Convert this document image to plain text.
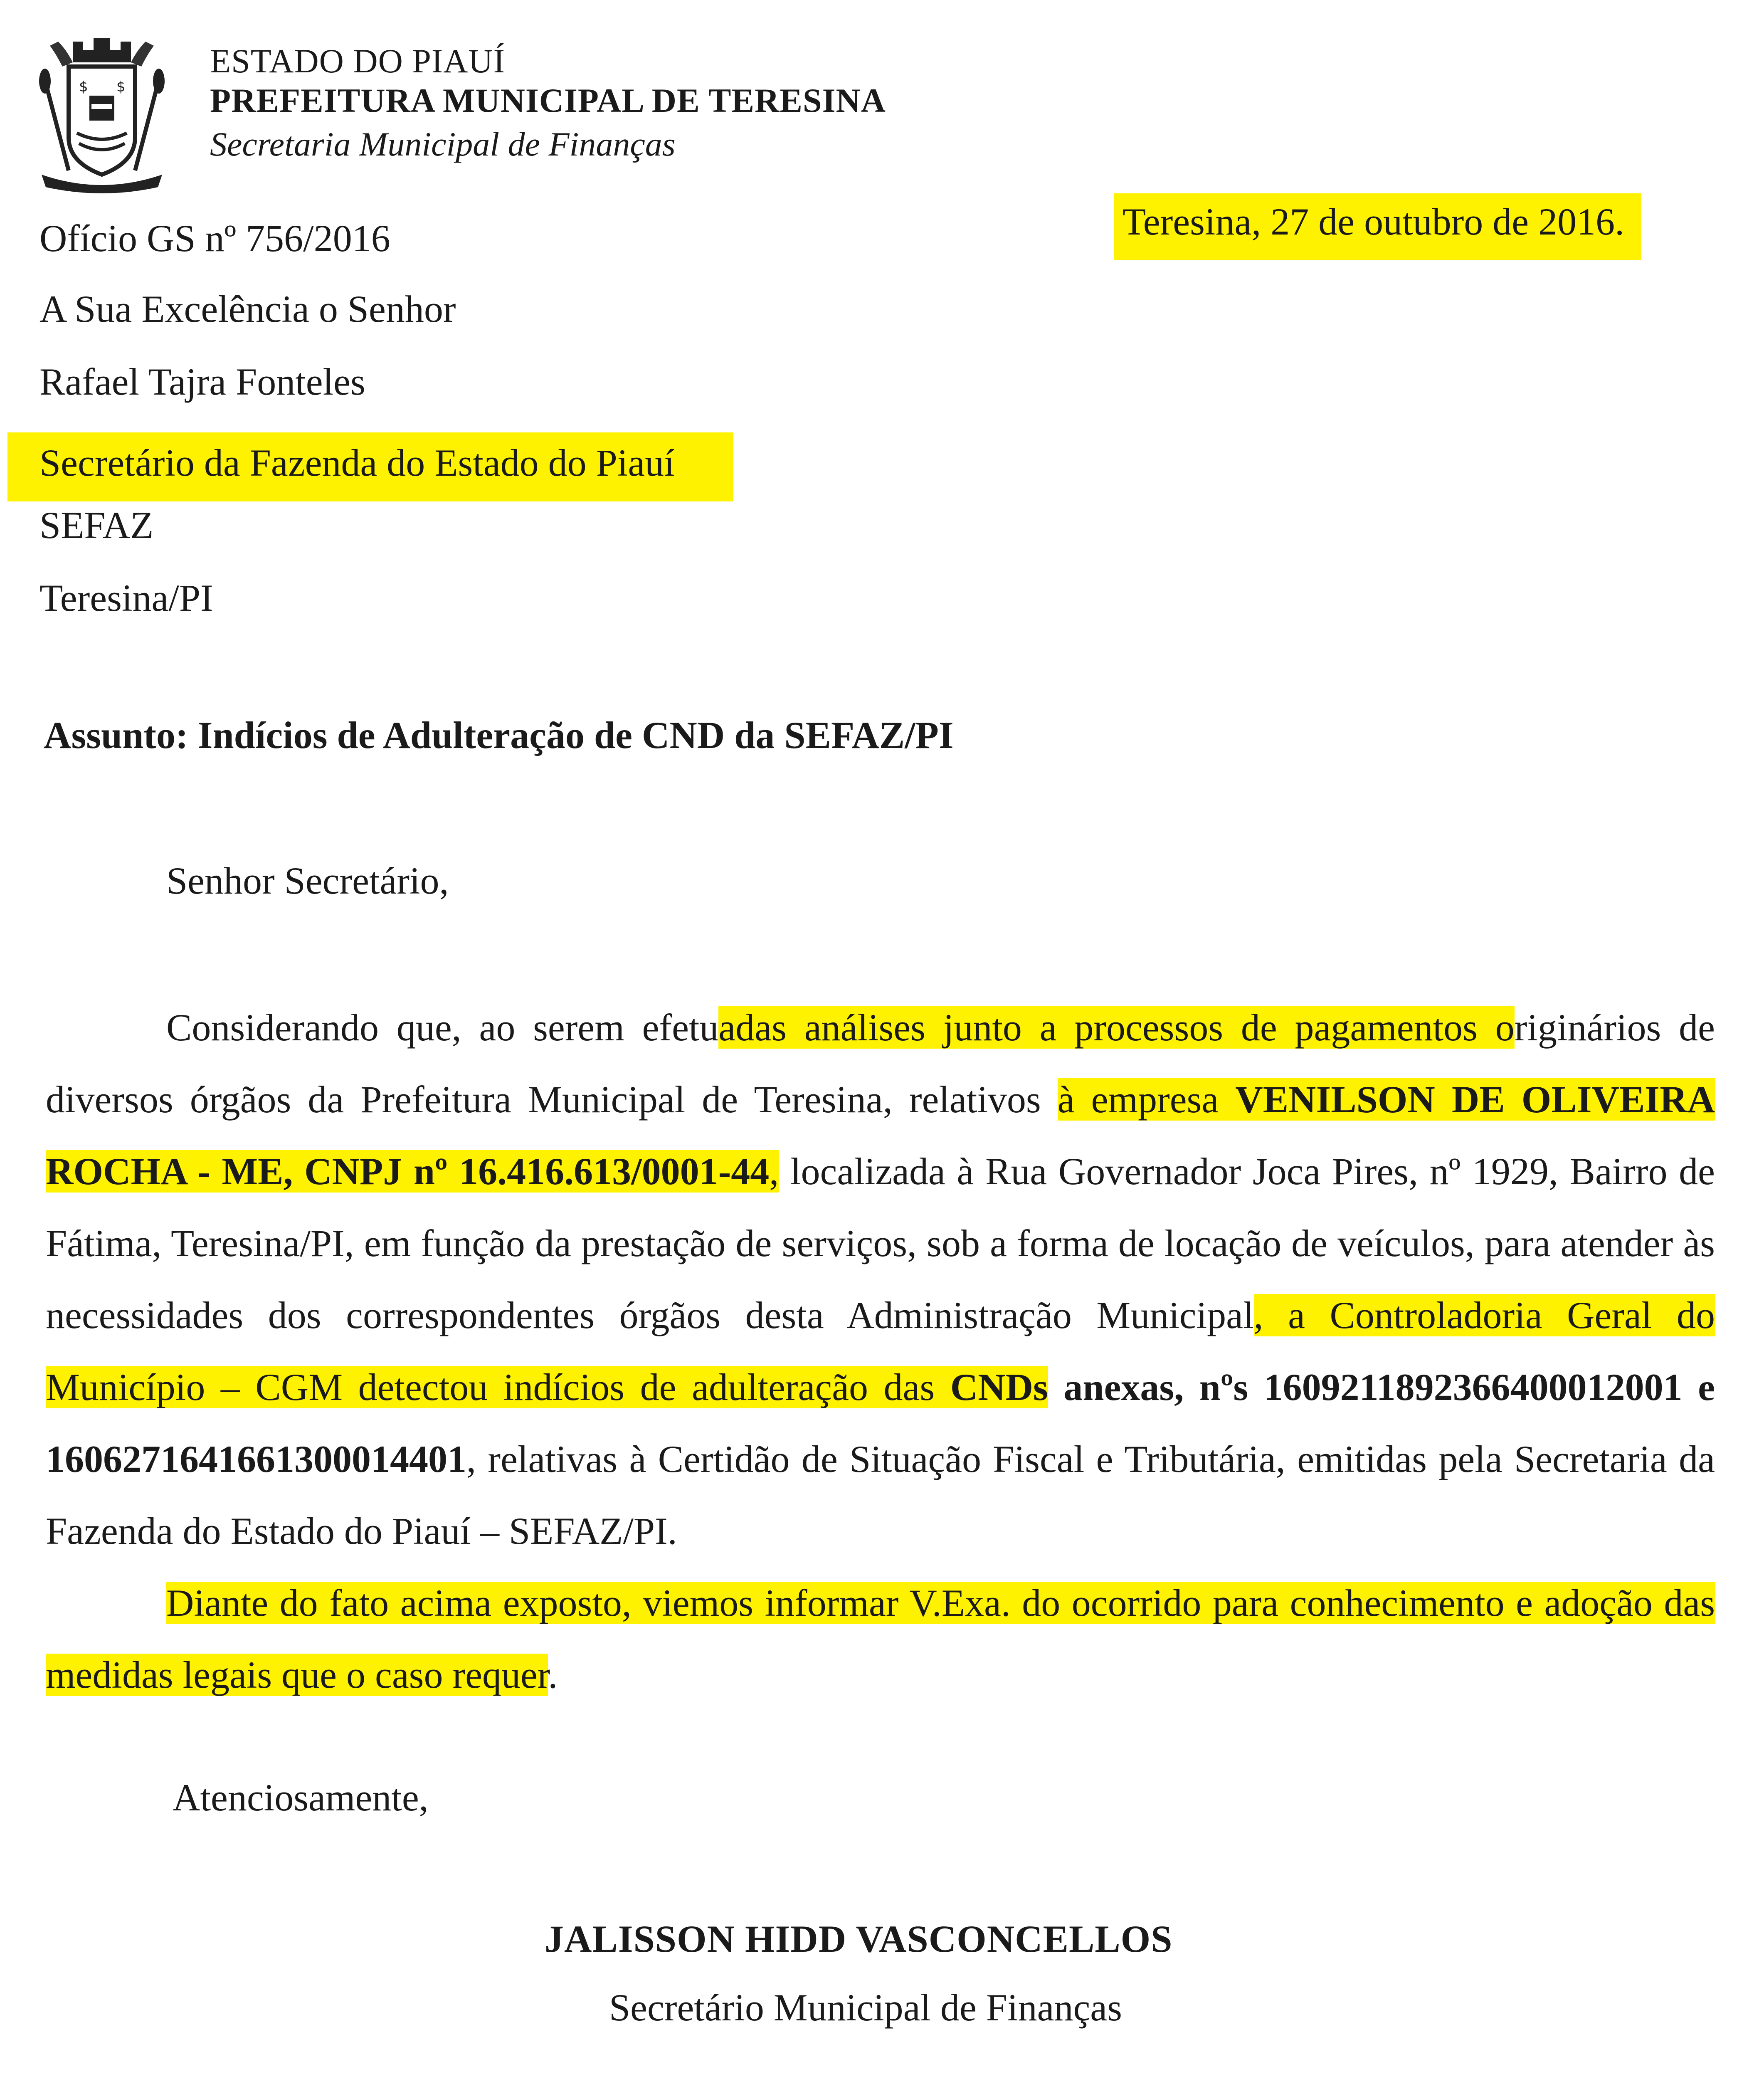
$ $
ESTADO DO PIAUÍ
PREFEITURA MUNICIPAL DE TERESINA
Secretaria Municipal de Finanças
Ofício GS nº 756/2016	Teresina, 27 de outubro de 2016.
A Sua Excelência o Senhor
Rafael Tajra Fonteles
Secretário da Fazenda do Estado do Piauí
SEFAZ
Teresina/PI
Assunto: Indícios de Adulteração de CND da SEFAZ/PI
Senhor Secretário,

Considerando que, ao serem efetuadas análises junto a processos de pagamentos originários de diversos órgãos da Prefeitura Municipal de Teresina, relativos à empresa VENILSON DE OLIVEIRA ROCHA - ME, CNPJ nº 16.416.613/0001-44, localizada à Rua Governador Joca Pires, nº 1929, Bairro de Fátima, Teresina/PI, em função da prestação de serviços, sob a forma de locação de veículos, para atender às necessidades dos correspondentes órgãos desta Administração Municipal, a Controladoria Geral do Município – CGM detectou indícios de adulteração das CNDs anexas, nºs 1609211892366400012001 e 1606271641661300014401, relativas à Certidão de Situação Fiscal e Tributária, emitidas pela Secretaria da Fazenda do Estado do Piauí – SEFAZ/PI.

Diante do fato acima exposto, viemos informar V.Exa. do ocorrido para conhecimento e adoção das medidas legais que o caso requer.

Atenciosamente,
JALISSON HIDD VASCONCELLOS
Secretário Municipal de Finanças
